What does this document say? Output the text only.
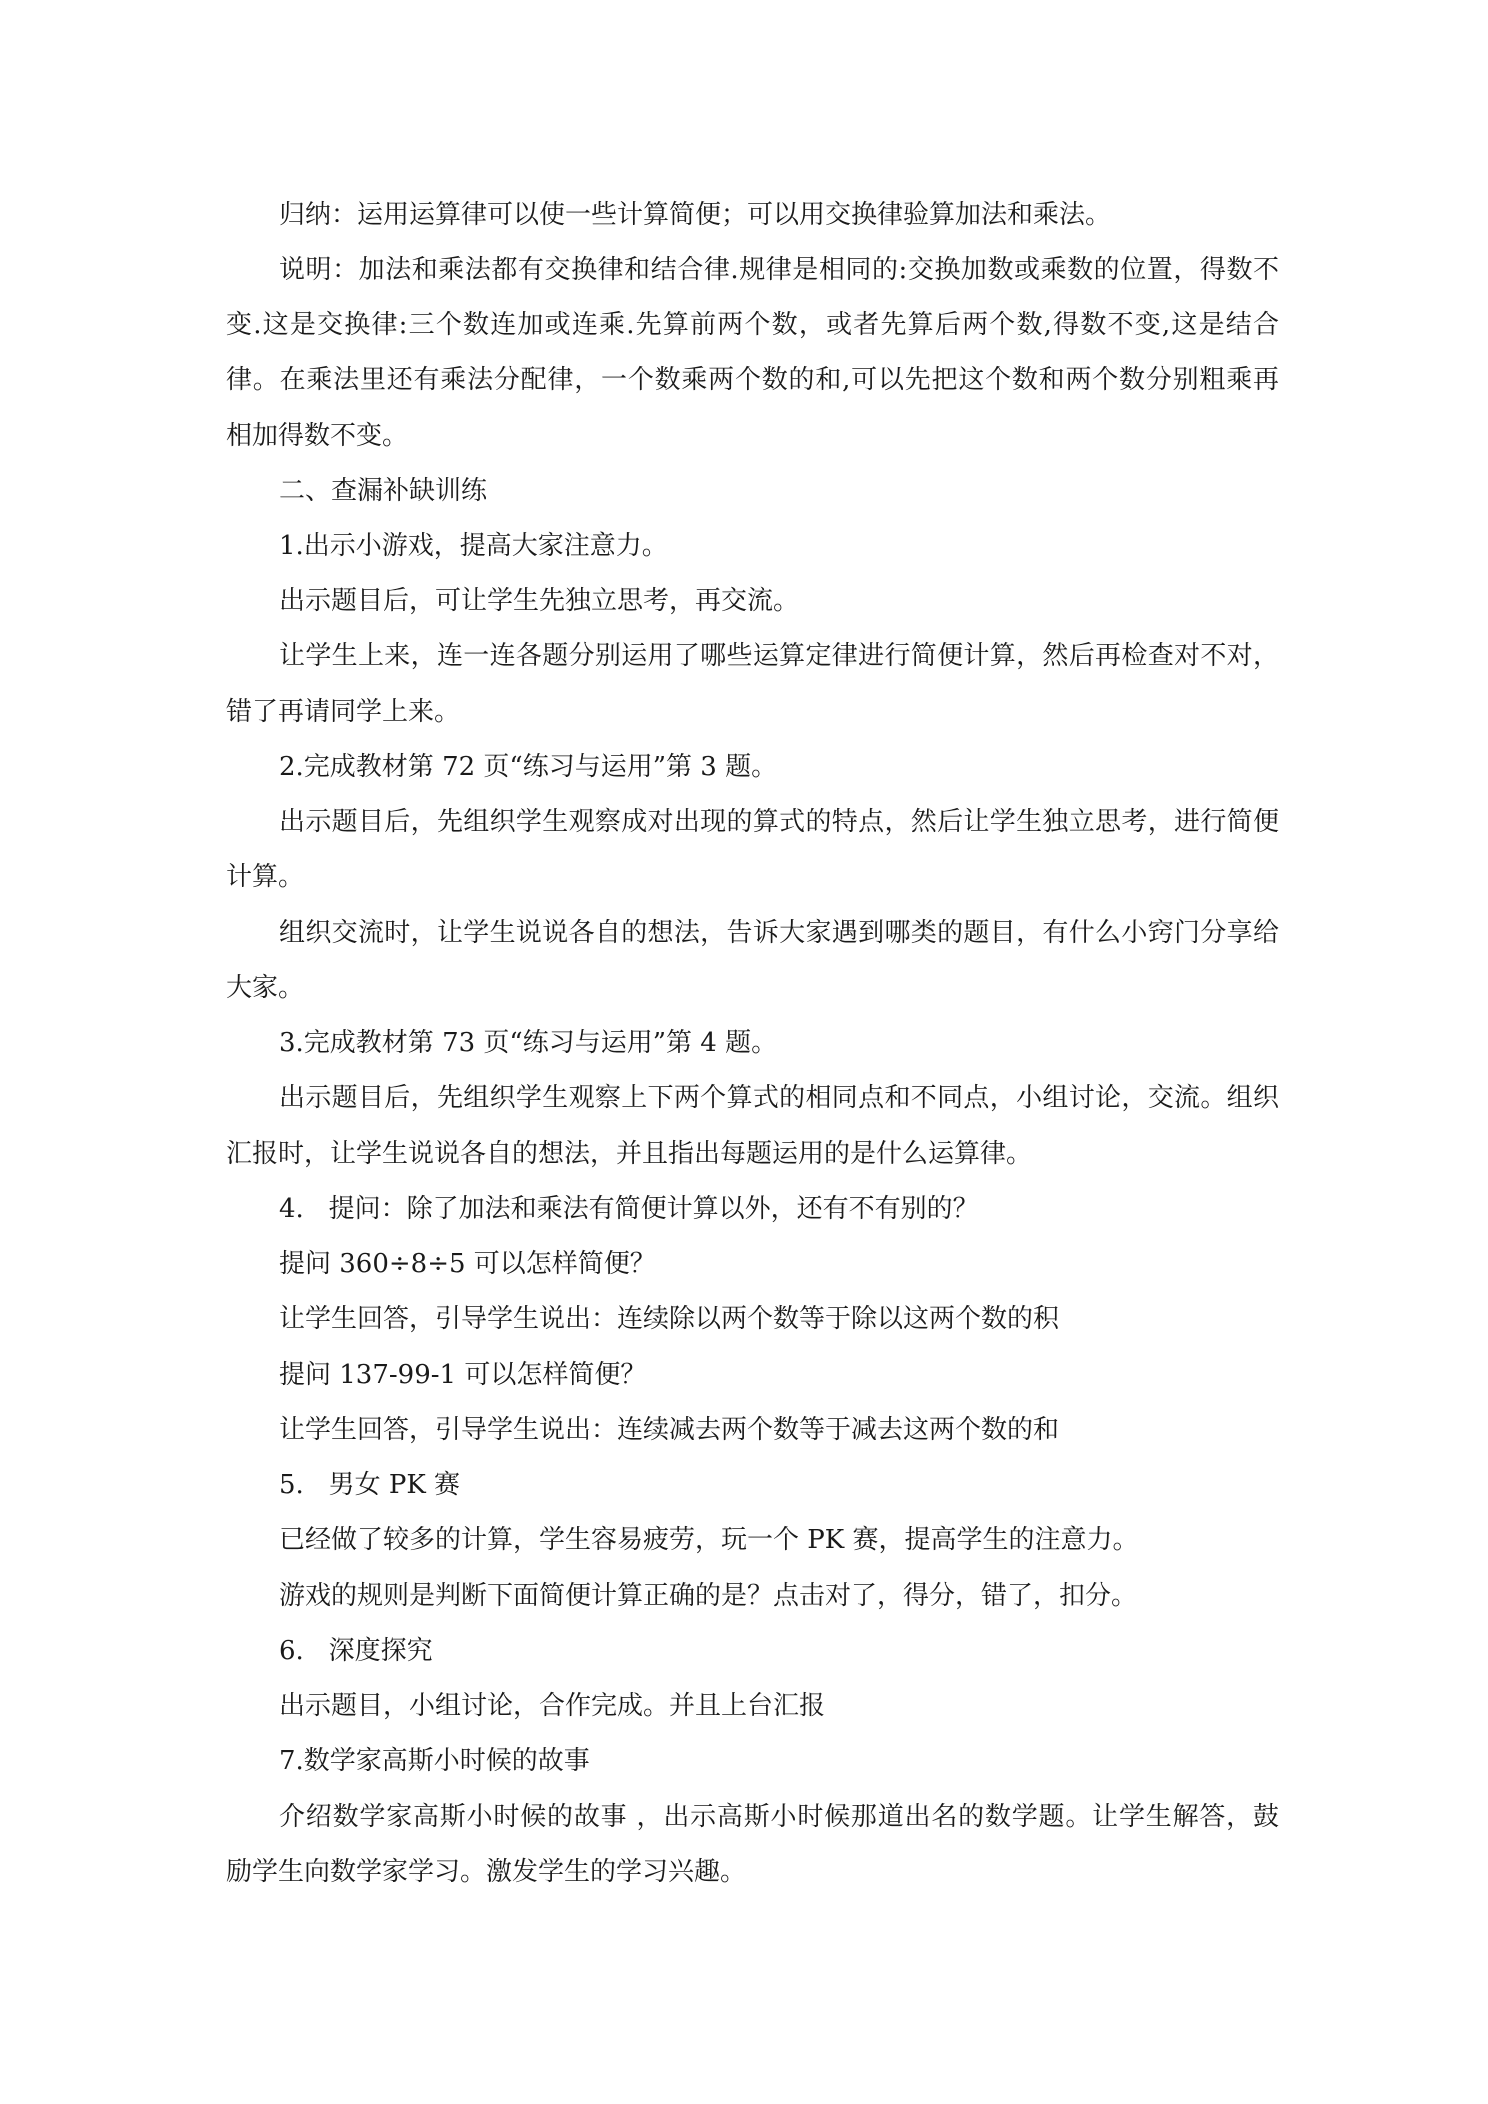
归纳：运用运算律可以使一些计算简便；可以用交换律验算加法和乘法。
说明：加法和乘法都有交换律和结合律.规律是相同的:交换加数或乘数的位置，得数不
变.这是交换律:三个数连加或连乘.先算前两个数，或者先算后两个数,得数不变,这是结合
律。在乘法里还有乘法分配律，一个数乘两个数的和,可以先把这个数和两个数分别粗乘再
相加得数不变。
二、查漏补缺训练
1.出示小游戏，提高大家注意力。
出示题目后，可让学生先独立思考，再交流。
让学生上来，连一连各题分别运用了哪些运算定律进行简便计算，然后再检查对不对，
错了再请同学上来。
2.完成教材第 72 页“练习与运用”第 3 题。
出示题目后，先组织学生观察成对出现的算式的特点，然后让学生独立思考，进行简便
计算。
组织交流时，让学生说说各自的想法，告诉大家遇到哪类的题目，有什么小窍门分享给
大家。
3.完成教材第 73 页“练习与运用”第 4 题。
出示题目后，先组织学生观察上下两个算式的相同点和不同点，小组讨论，交流。组织
汇报时，让学生说说各自的想法，并且指出每题运用的是什么运算律。
4.   提问：除了加法和乘法有简便计算以外，还有不有别的？
提问 360÷8÷5 可以怎样简便？
让学生回答，引导学生说出：连续除以两个数等于除以这两个数的积
提问 137-99-1 可以怎样简便？
让学生回答，引导学生说出：连续减去两个数等于减去这两个数的和
5.   男女 PK 赛
已经做了较多的计算，学生容易疲劳，玩一个 PK 赛，提高学生的注意力。
游戏的规则是判断下面简便计算正确的是？点击对了，得分，错了，扣分。
6.   深度探究
出示题目，小组讨论，合作完成。并且上台汇报
7.数学家高斯小时候的故事
介绍数学家高斯小时候的故事 ，出示高斯小时候那道出名的数学题。让学生解答，鼓
励学生向数学家学习。激发学生的学习兴趣。
